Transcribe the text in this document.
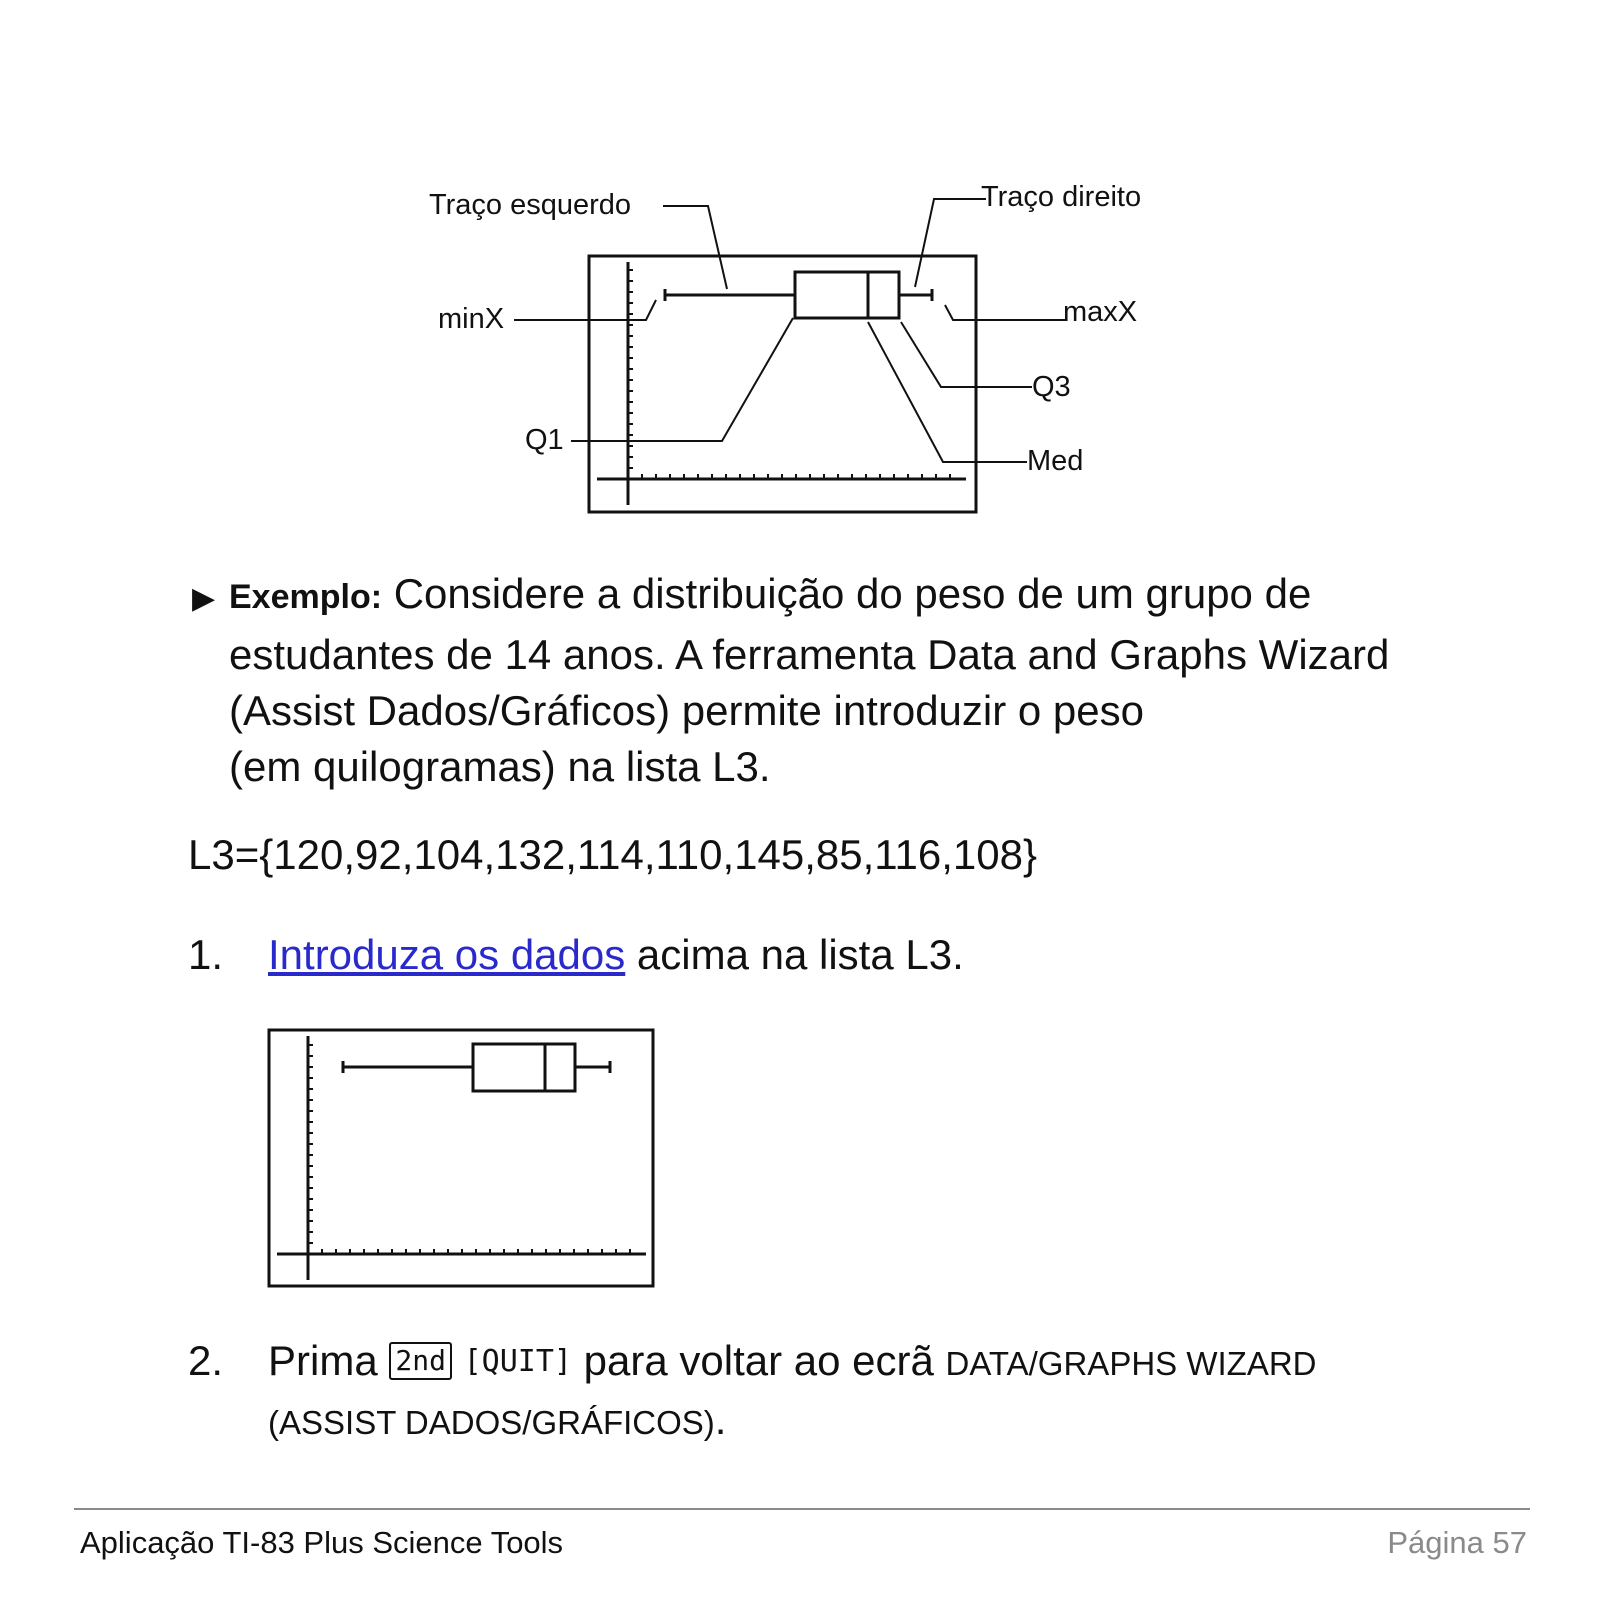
Traço esquerdo	Traço direito
minX	maxX
Q1
Q3
Med
▶ Exemplo: Considere a distribuição do peso de um grupo de
estudantes de 14 anos. A ferramenta Data and Graphs Wizard
(Assist Dados/Gráficos) permite introduzir o peso
(em quilogramas) na lista L3.
L3={120,92,104,132,114,110,145,85,116,108}
1. Introduza os dados acima na lista L3.
2. Prima 2nd [QUIT] para voltar ao ecrã DATA/GRAPHS WIZARD
(ASSIST DADOS/GRÁFICOS).
Aplicação TI-83 Plus Science Tools	Página 57
